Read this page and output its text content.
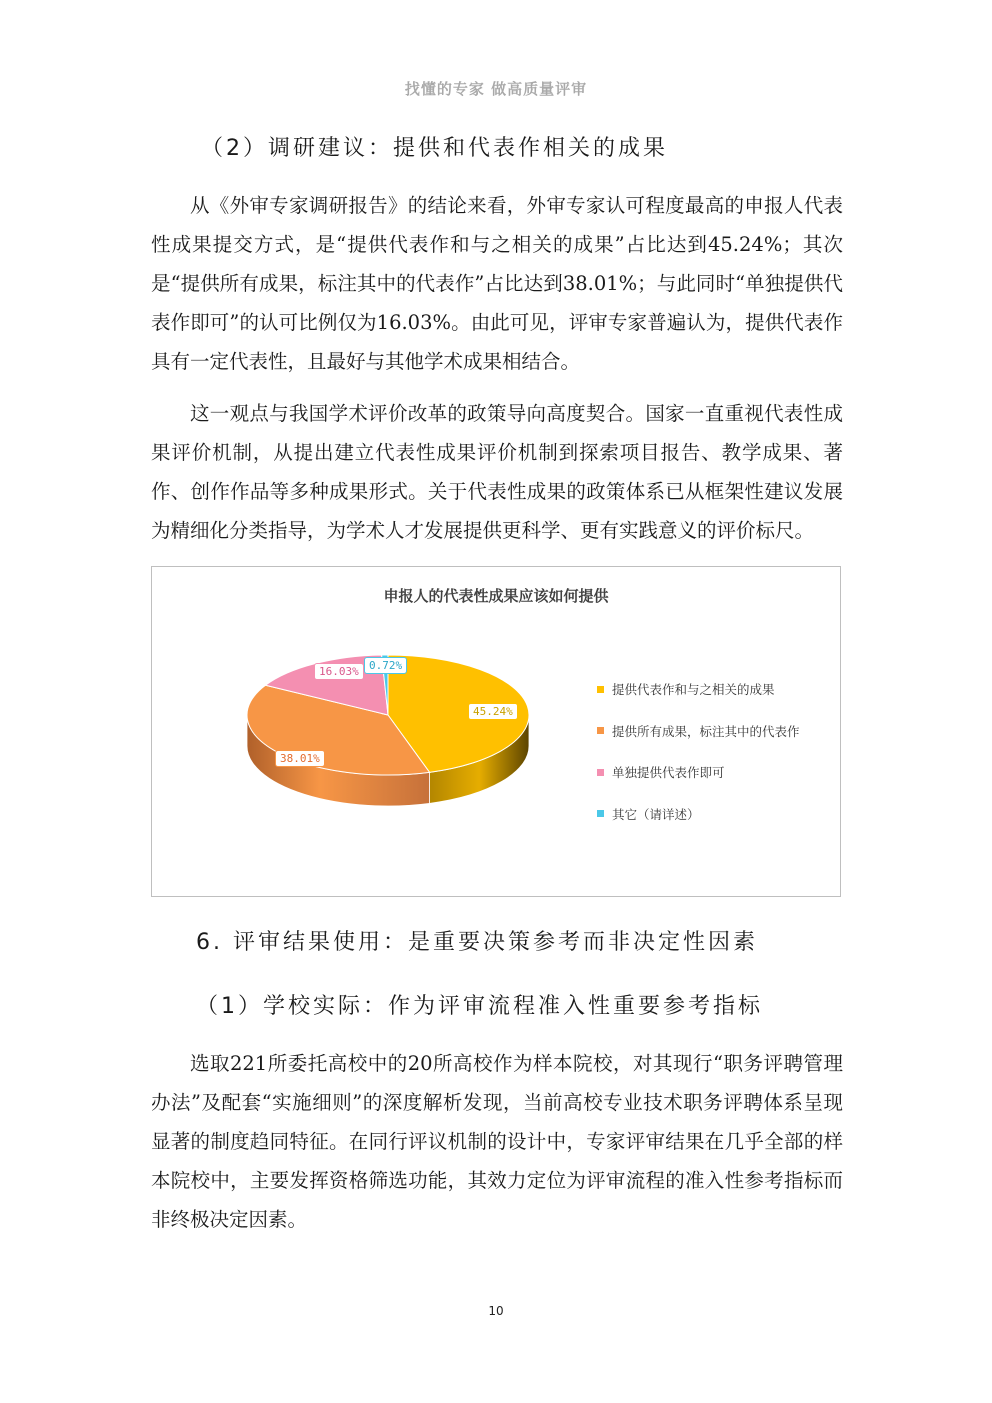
找懂的专家 做高质量评审
（2）调研建议：提供和代表作相关的成果
从《外审专家调研报告》的结论来看，外审专家认可程度最高的申报人代表性成果提交方式，是“提供代表作和与之相关的成果”占比达到45.24%；其次是“提供所有成果，标注其中的代表作”占比达到38.01%；与此同时“单独提供代表作即可”的认可比例仅为16.03%。由此可见，评审专家普遍认为，提供代表作具有一定代表性，且最好与其他学术成果相结合。
这一观点与我国学术评价改革的政策导向高度契合。国家一直重视代表性成果评价机制，从提出建立代表性成果评价机制到探索项目报告、教学成果、著作、创作作品等多种成果形式。关于代表性成果的政策体系已从框架性建议发展为精细化分类指导，为学术人才发展提供更科学、更有实践意义的评价标尺。
申报人的代表性成果应该如何提供
45.24%
38.01%
16.03% 0.72%
提供代表作和与之相关的成果
提供所有成果，标注其中的代表作
单独提供代表作即可
其它（请详述）
6. 评审结果使用：是重要决策参考而非决定性因素
（1）学校实际：作为评审流程准入性重要参考指标
选取221所委托高校中的20所高校作为样本院校，对其现行“职务评聘管理办法”及配套“实施细则”的深度解析发现，当前高校专业技术职务评聘体系呈现显著的制度趋同特征。在同行评议机制的设计中，专家评审结果在几乎全部的样本院校中，主要发挥资格筛选功能，其效力定位为评审流程的准入性参考指标而非终极决定因素。
10
